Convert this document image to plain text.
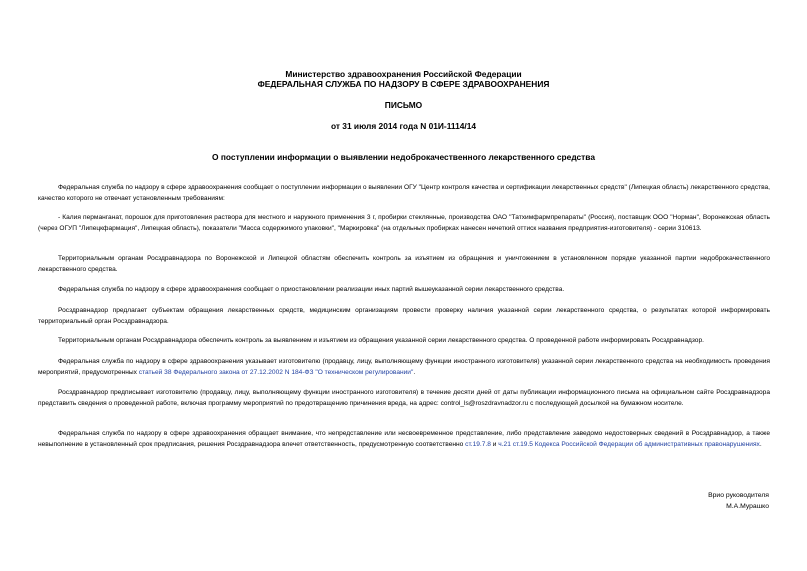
Министерство здравоохранения Российской Федерации
ФЕДЕРАЛЬНАЯ СЛУЖБА ПО НАДЗОРУ В СФЕРЕ ЗДРАВООХРАНЕНИЯ
ПИСЬМО
от 31 июля 2014 года N 01И-1114/14
О поступлении информации о выявлении недоброкачественного лекарственного средства
Федеральная служба по надзору в сфере здравоохранения сообщает о поступлении информации о выявлении ОГУ "Центр контроля качества и сертификации лекарственных средств" (Липецкая область) лекарственного средства, качество которого не отвечает установленным требованиям:
- Калия перманганат, порошок для приготовления раствора для местного и наружного применения 3 г, пробирки стеклянные, производства ОАО "Татхимфармпрепараты" (Россия), поставщик ООО "Норман", Воронежская область (через ОГУП "Липецкфармация", Липецкая область), показатели "Масса содержимого упаковки", "Маркировка" (на отдельных пробирках нанесен нечеткий оттиск названия предприятия-изготовителя) - серии 310613.
Территориальным органам Росздравнадзора по Воронежской и Липецкой областям обеспечить контроль за изъятием из обращения и уничтожением в установленном порядке указанной партии недоброкачественного лекарственного средства.
Федеральная служба по надзору в сфере здравоохранения сообщает о приостановлении реализации иных партий вышеуказанной серии лекарственного средства.
Росздравнадзор предлагает субъектам обращения лекарственных средств, медицинским организациям провести проверку наличия указанной серии лекарственного средства, о результатах которой информировать территориальный орган Росздравнадзора.
Территориальным органам Росздравнадзора обеспечить контроль за выявлением и изъятием из обращения указанной серии лекарственного средства. О проведенной работе информировать Росздравнадзор.
Федеральная служба по надзору в сфере здравоохранения указывает изготовителю (продавцу, лицу, выполняющему функции иностранного изготовителя) указанной серии лекарственного средства на необходимость проведения мероприятий, предусмотренных статьей 38 Федерального закона от 27.12.2002 N 184-ФЗ "О техническом регулировании".
Росздравнадзор предписывает изготовителю (продавцу, лицу, выполняющему функции иностранного изготовителя) в течение десяти дней от даты публикации информационного письма на официальном сайте Росздравнадзора представить сведения о проведенной работе, включая программу мероприятий по предотвращению причинения вреда, на адрес: control_ls@roszdravnadzor.ru с последующей досылкой на бумажном носителе.
Федеральная служба по надзору в сфере здравоохранения обращает внимание, что непредставление или несвоевременное представление, либо представление заведомо недостоверных сведений в Росздравнадзор, а также невыполнение в установленный срок предписания, решения Росздравнадзора влечет ответственность, предусмотренную соответственно ст.19.7.8 и ч.21 ст.19.5 Кодекса Российской Федерации об административных правонарушениях.
Врио руководителя
М.А.Мурашко
